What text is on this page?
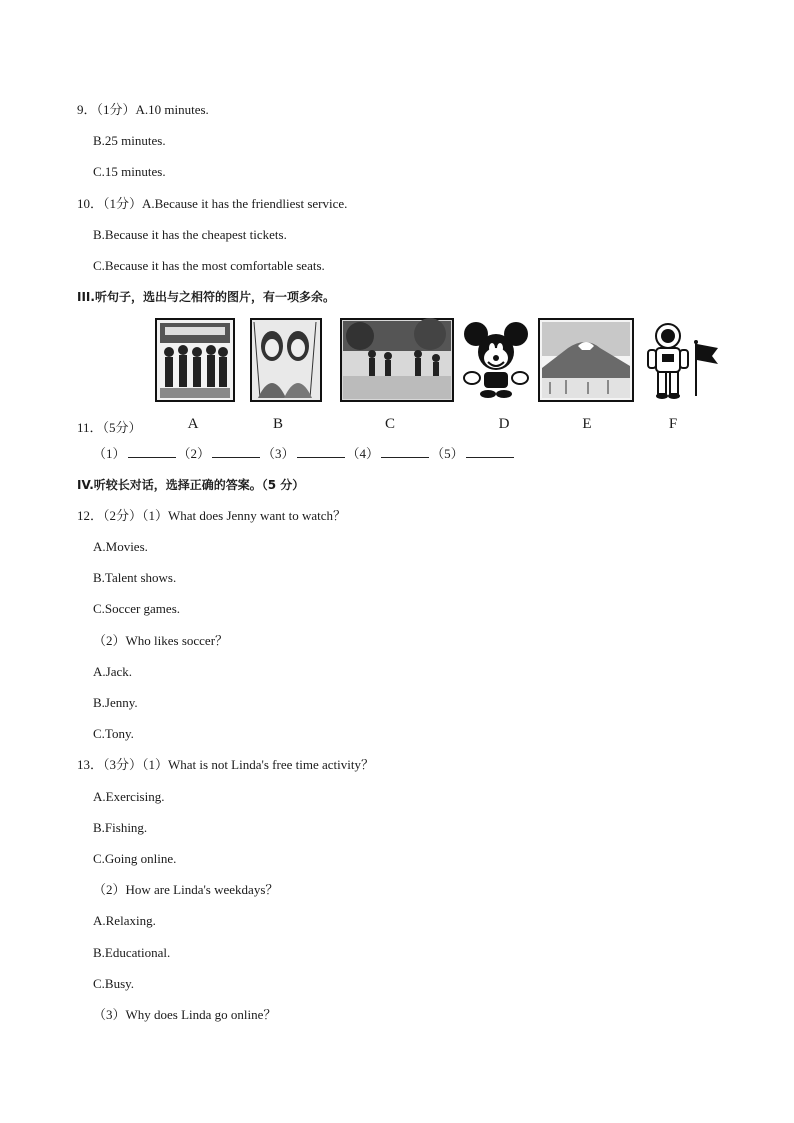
9．（1分）A.10 minutes.
B.25 minutes.
C.15 minutes.
10．（1分）A.Because it has the friendliest service.
B.Because it has the cheapest tickets.
C.Because it has the most comfortable seats.
III.听句子，选出与之相符的图片，有一项多余。
A	B	C	D	E	F
11．（5分）
（1）	（2）	（3）	（4）	（5）
IV.听较长对话，选择正确的答案。（5 分）
12．（2分）（1）What does Jenny want to watch？
A.Movies.
B.Talent shows.
C.Soccer games.
（2）Who likes soccer？
A.Jack.
B.Jenny.
C.Tony.
13．（3分）（1）What is not Linda's free time activity？
A.Exercising.
B.Fishing.
C.Going online.
（2）How are Linda's weekdays？
A.Relaxing.
B.Educational.
C.Busy.
（3）Why does Linda go online？
